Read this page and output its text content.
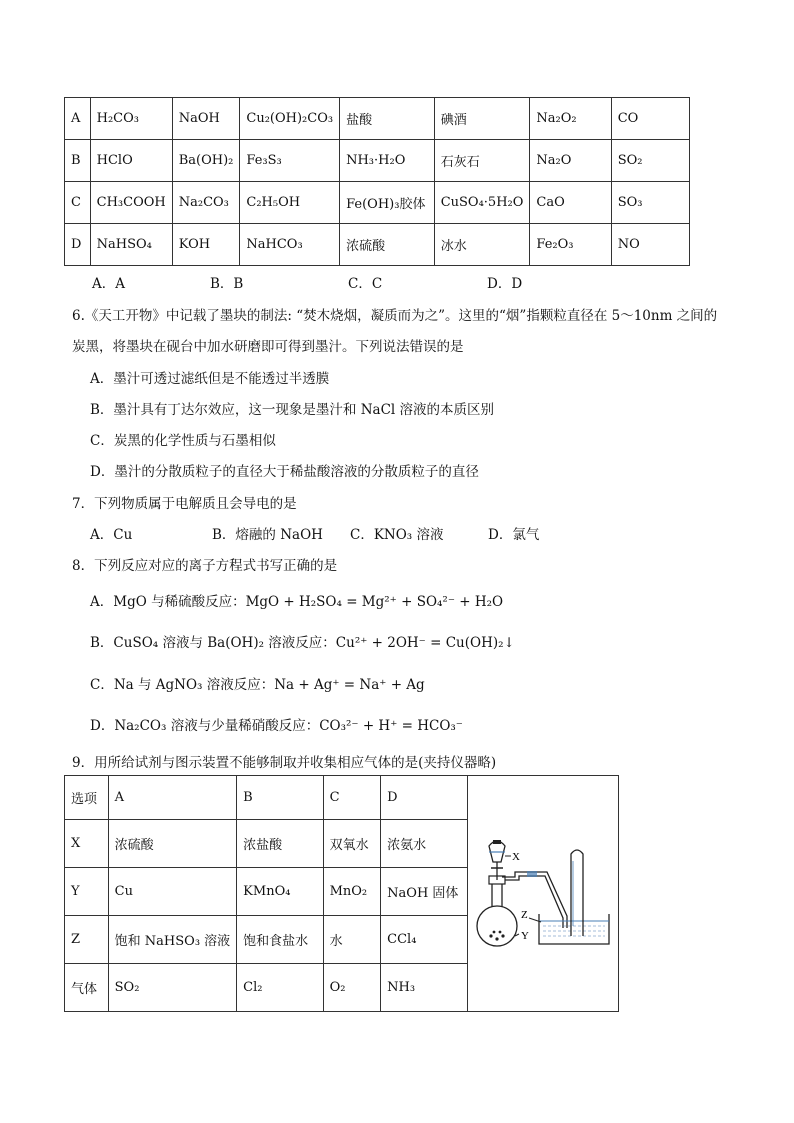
A	H₂CO₃	NaOH	Cu₂(OH)₂CO₃	盐酸	碘酒	Na₂O₂	CO
B	HClO	Ba(OH)₂	Fe₃S₃	NH₃·H₂O	石灰石	Na₂O	SO₂
C	CH₃COOH	Na₂CO₃	C₂H₅OH	Fe(OH)₃胶体	CuSO₄·5H₂O	CaO	SO₃
D	NaHSO₄	KOH	NaHCO₃	浓硫酸	冰水	Fe₂O₃	NO
A．A	B．B	C．C	D．D
6.《天工开物》中记载了墨块的制法: “焚木烧烟，凝质而为之”。这里的“烟”指颗粒直径在 5～10nm 之间的
炭黑，将墨块在砚台中加水研磨即可得到墨汁。下列说法错误的是
A．墨汁可透过滤纸但是不能透过半透膜
B．墨汁具有丁达尔效应，这一现象是墨汁和 NaCl 溶液的本质区别
C．炭黑的化学性质与石墨相似
D．墨汁的分散质粒子的直径大于稀盐酸溶液的分散质粒子的直径
7．下列物质属于电解质且会导电的是
A．Cu	B．熔融的 NaOH C．KNO₃ 溶液	D．氯气
8．下列反应对应的离子方程式书写正确的是
A．MgO 与稀硫酸反应：MgO + H₂SO₄ = Mg²⁺ + SO₄²⁻ + H₂O
B．CuSO₄ 溶液与 Ba(OH)₂ 溶液反应：Cu²⁺ + 2OH⁻ = Cu(OH)₂↓
C．Na 与 AgNO₃ 溶液反应：Na + Ag⁺ = Na⁺ + Ag
D．Na₂CO₃ 溶液与少量稀硝酸反应：CO₃²⁻ + H⁺ = HCO₃⁻
9．用所给试剂与图示装置不能够制取并收集相应气体的是(夹持仪器略)
选项	A	B	C	D
X	浓硫酸	浓盐酸	双氧水	浓氨水
Y	Cu	KMnO₄	MnO₂	NaOH 固体
Z	饱和 NaHSO₃ 溶液	饱和食盐水	水	CCl₄
气体	SO₂	Cl₂	O₂	NH₃
X
Z
Y
